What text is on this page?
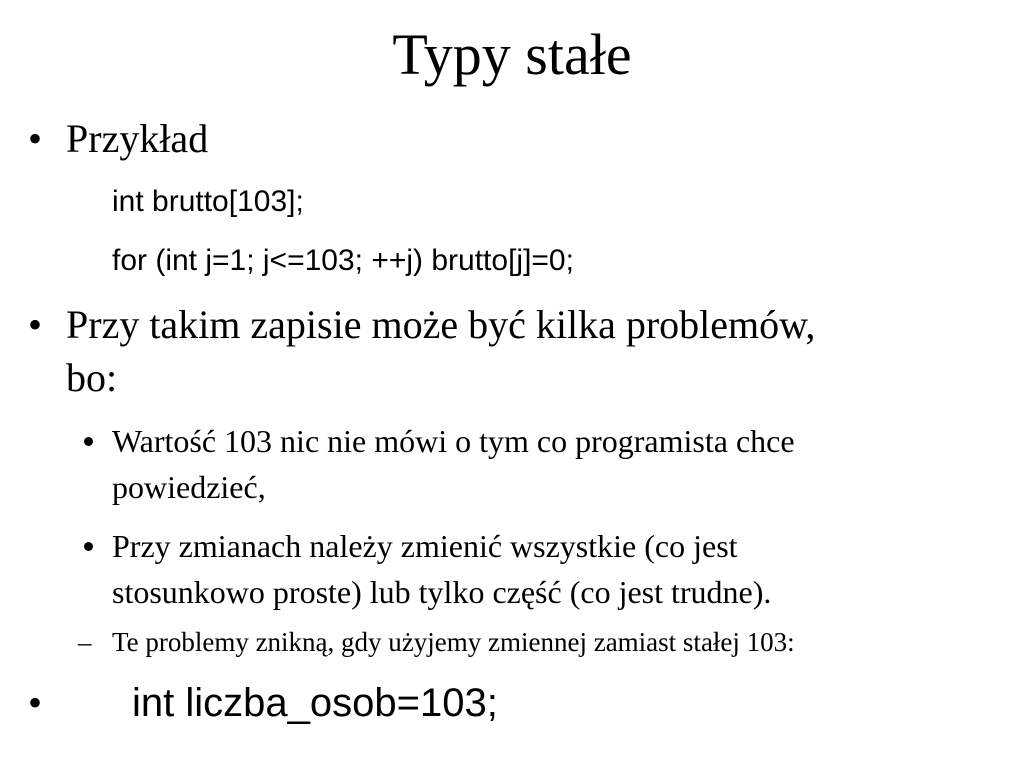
Typy stałe
• Przykład
int brutto[103];
for (int j=1; j<=103; ++j) brutto[j]=0;
• Przy takim zapisie może być kilka problemów,
bo:
Wartość 103 nic nie mówi o tym co programista chce
powiedzieć,
Przy zmianach należy zmienić wszystkie (co jest
stosunkowo proste) lub tylko część (co jest trudne).
– Te problemy znikną, gdy użyjemy zmiennej zamiast stałej 103:
• int liczba_osob=103;
